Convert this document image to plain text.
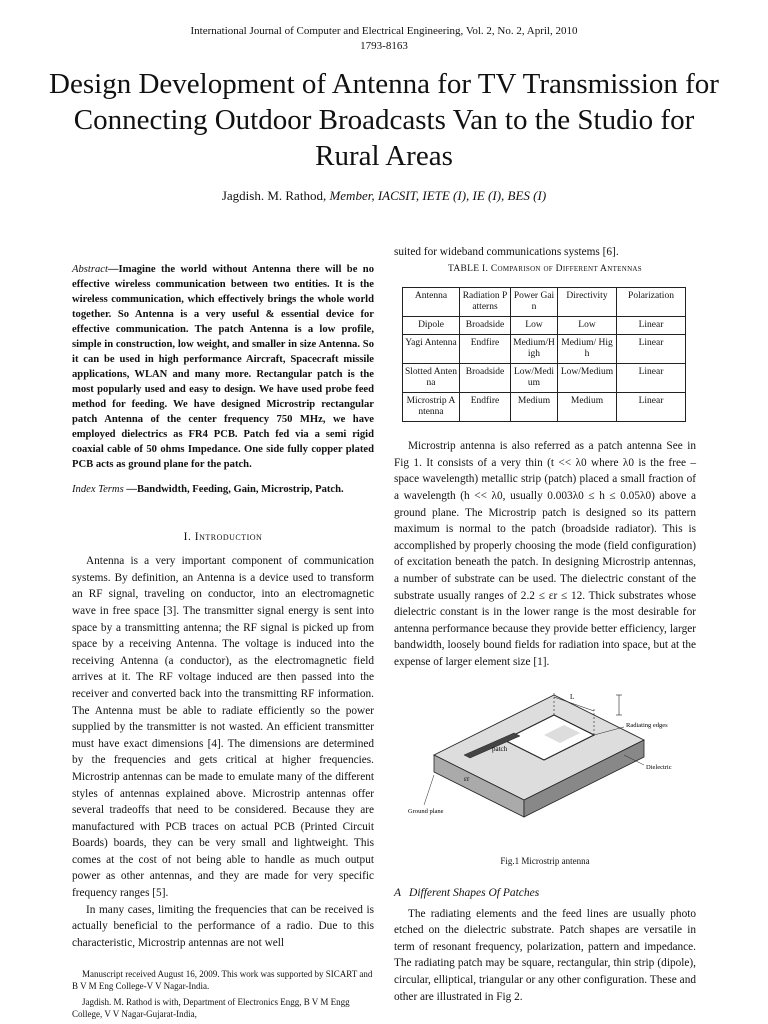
International Journal of Computer and Electrical Engineering, Vol. 2, No. 2, April, 2010
1793-8163
Design Development of Antenna for TV Transmission for Connecting Outdoor Broadcasts Van to the Studio for Rural Areas
Jagdish. M. Rathod, Member, IACSIT, IETE (I), IE (I), BES (I)
Abstract—Imagine the world without Antenna there will be no effective wireless communication between two entities. It is the wireless communication, which effectively brings the whole world together. So Antenna is a very useful & essential device for effective communication. The patch Antenna is a low profile, simple in construction, low weight, and smaller in size Antenna. So it can be used in high performance Aircraft, Spacecraft missile applications, WLAN and many more. Rectangular patch is the most popularly used and easy to design. We have used probe feed method for feeding. We have designed Microstrip rectangular patch Antenna of the center frequency 750 MHz, we have employed dielectrics as FR4 PCB. Patch fed via a semi rigid coaxial cable of 50 ohms Impedance. One side fully copper plated PCB acts as ground plane for the patch.
Index Terms —Bandwidth, Feeding, Gain, Microstrip, Patch.
I. Introduction

Antenna is a very important component of communication systems. By definition, an Antenna is a device used to transform an RF signal, traveling on conductor, into an electromagnetic wave in free space [3]. The transmitter signal energy is sent into space by a transmitting antenna; the RF signal is picked up from space by a receiving Antenna. The voltage is induced into the receiving Antenna (a conductor), as the electromagnetic field arrives at it. The RF voltage induced are then passed into the receiver and converted back into the transmitting RF information. The Antenna must be able to radiate efficiently so the power supplied by the transmitter is not wasted. An efficient transmitter must have exact dimensions [4]. The dimensions are determined by the frequencies and gets critical at higher frequencies. Microstrip antennas can be made to emulate many of the different styles of antennas explained above. Microstrip antennas offer several tradeoffs that need to be considered. Because they are manufactured with PCB traces on actual PCB (Printed Circuit Boards) boards, they can be very small and lightweight. This comes at the cost of not being able to handle as much output power as other antennas, and they are made for very specific frequency ranges [5].

In many cases, limiting the frequencies that can be received is actually beneficial to the performance of a radio. Due to this characteristic, Microstrip antennas are not well

Manuscript received August 16, 2009. This work was supported by SICART and B V M Eng College-V V Nagar-India.
Jagdish. M. Rathod is with, Department of Electronics Engg, B V M Engg College, V V Nagar-Gujarat-India,

suited for wideband communications systems [6].

TABLE I. Comparison of Different Antennas
Antenna	Radiation Patterns	Power Gain	Directivity	Polarization
Dipole	Broadside	Low	Low	Linear
Yagi Antenna	Endfire	Medium/High	Medium/ High	Linear
Slotted Antenna	Broadside	Low/Medium	Low/Medium	Linear
Microstrip Antenna	Endfire	Medium	Medium	Linear

Microstrip antenna is also referred as a patch antenna See in Fig 1. It consists of a very thin (t << λ0 where λ0 is the free – space wavelength) metallic strip (patch) placed a small fraction of a wavelength (h << λ0, usually 0.003λ0 ≤ h ≤ 0.05λ0) above a ground plane. The Microstrip patch is designed so its pattern maximum is normal to the patch (broadside radiator). This is accomplished by properly choosing the mode (field configuration) of excitation beneath the patch. In designing Microstrip antennas, a number of substrate can be used. The dielectric constant of the substrate usually ranges of 2.2 ≤ εr ≤ 12. Thick substrates whose dielectric constant is in the lower range is the most desirable for antenna performance because they provide better efficiency, larger bandwidth, loosely bound fields for radiation into space, but at the expense of larger element size [1].

L
patch
Radiating edges
εr
Dielectric
Ground plane
Fig.1 Microstrip antenna
A Different Shapes Of Patches

The radiating elements and the feed lines are usually photo etched on the dielectric substrate. Patch shapes are versatile in term of resonant frequency, polarization, pattern and impedance. The radiating patch may be square, rectangular, thin strip (dipole), circular, elliptical, triangular or any other configuration. These and other are illustrated in Fig 2.
